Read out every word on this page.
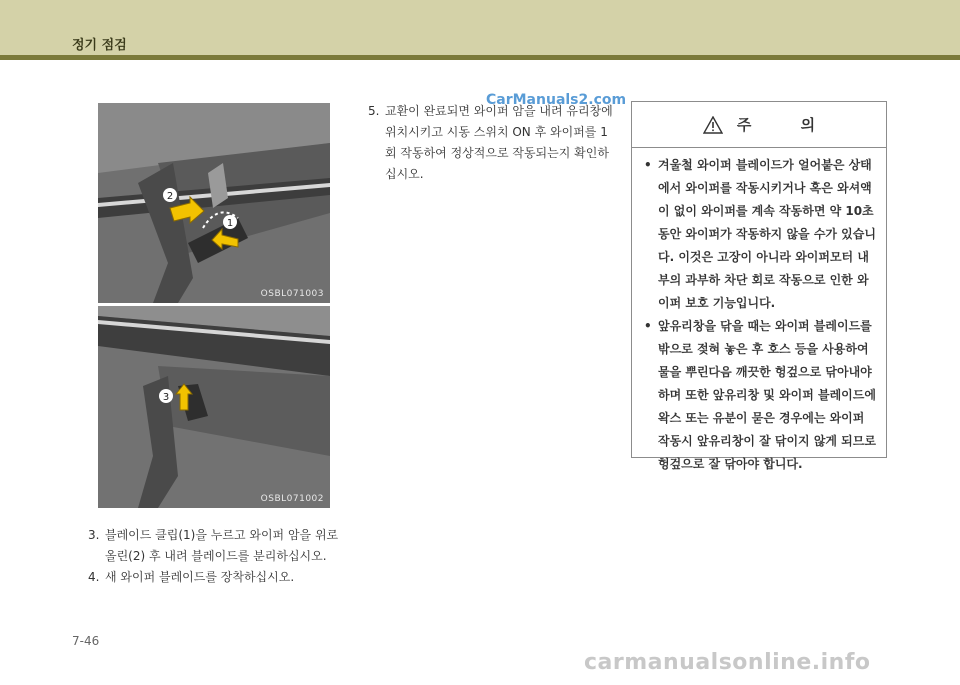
정기 점검
2
1
OSBL071003
3
OSBL071002
3. 블레이드 클립(1)을 누르고 와이퍼 암을 위로 올린(2) 후 내려 블레이드를 분리하십시오.
4. 새 와이퍼 블레이드를 장착하십시오.
5. 교환이 완료되면 와이퍼 암을 내려 유리창에 위치시키고 시동 스위치 ON 후 와이퍼를 1회 작동하여 정상적으로 작동되는지 확인하십시오.
CarManuals2.com
주 의
• 겨울철 와이퍼 블레이드가 얼어붙은 상태에서 와이퍼를 작동시키거나 혹은 와셔액이 없이 와이퍼를 계속 작동하면 약 10초동안 와이퍼가 작동하지 않을 수가 있습니다. 이것은 고장이 아니라 와이퍼모터 내부의 과부하 차단 회로 작동으로 인한 와이퍼 보호 기능입니다.
• 앞유리창을 닦을 때는 와이퍼 블레이드를 밖으로 젖혀 놓은 후 호스 등을 사용하여 물을 뿌린다음 깨끗한 헝겊으로 닦아내야 하며 또한 앞유리창 및 와이퍼 블레이드에 왁스 또는 유분이 묻은 경우에는 와이퍼 작동시 앞유리창이 잘 닦이지 않게 되므로 헝겊으로 잘 닦아야 합니다.
7-46
carmanualsonline.info
